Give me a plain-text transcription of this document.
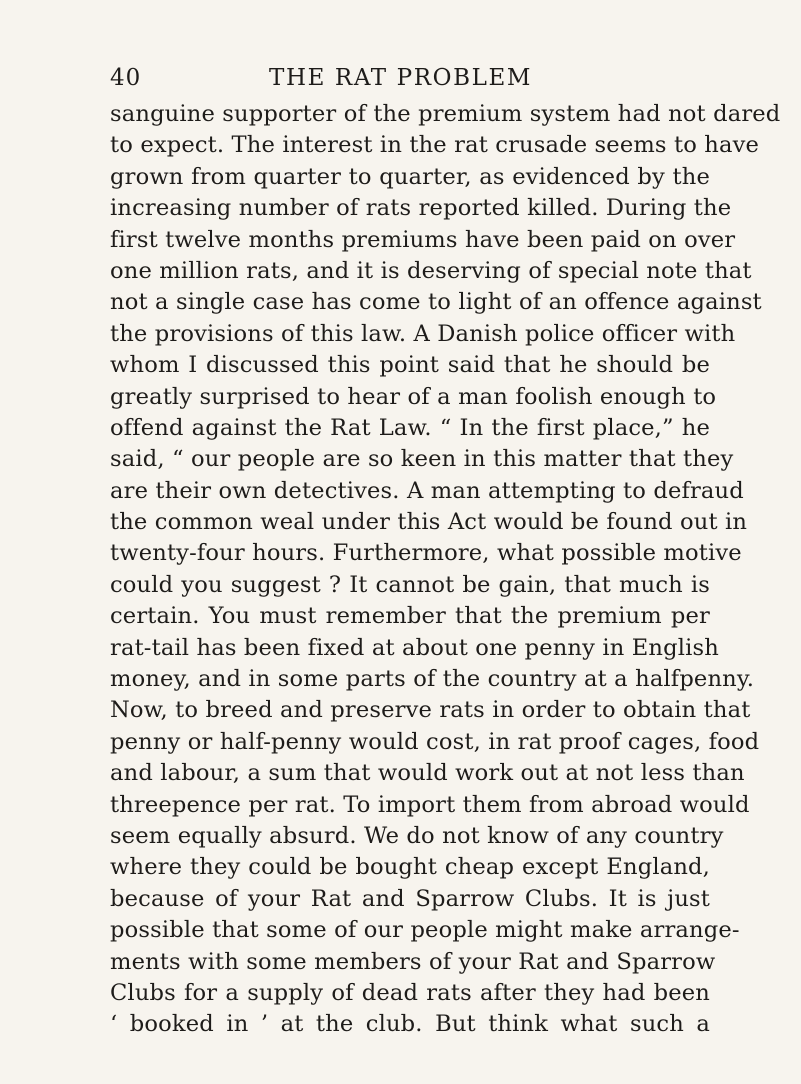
40	THE RAT PROBLEM
sanguine supporter of the premium system had not dared
to expect. The interest in the rat crusade seems to have
grown from quarter to quarter, as evidenced by the
increasing number of rats reported killed. During the
first twelve months premiums have been paid on over
one million rats, and it is deserving of special note that
not a single case has come to light of an offence against
the provisions of this law. A Danish police officer with
whom I discussed this point said that he should be
greatly surprised to hear of a man foolish enough to
offend against the Rat Law. “ In the first place,” he
said, “ our people are so keen in this matter that they
are their own detectives. A man attempting to defraud
the common weal under this Act would be found out in
twenty-four hours. Furthermore, what possible motive
could you suggest ? It cannot be gain, that much is
certain. You must remember that the premium per
rat-tail has been fixed at about one penny in English
money, and in some parts of the country at a halfpenny.
Now, to breed and preserve rats in order to obtain that
penny or half-penny would cost, in rat proof cages, food
and labour, a sum that would work out at not less than
threepence per rat. To import them from abroad would
seem equally absurd. We do not know of any country
where they could be bought cheap except England,
because of your Rat and Sparrow Clubs. It is just
possible that some of our people might make arrange-
ments with some members of your Rat and Sparrow
Clubs for a supply of dead rats after they had been
‘ booked in ’ at the club. But think what such a
